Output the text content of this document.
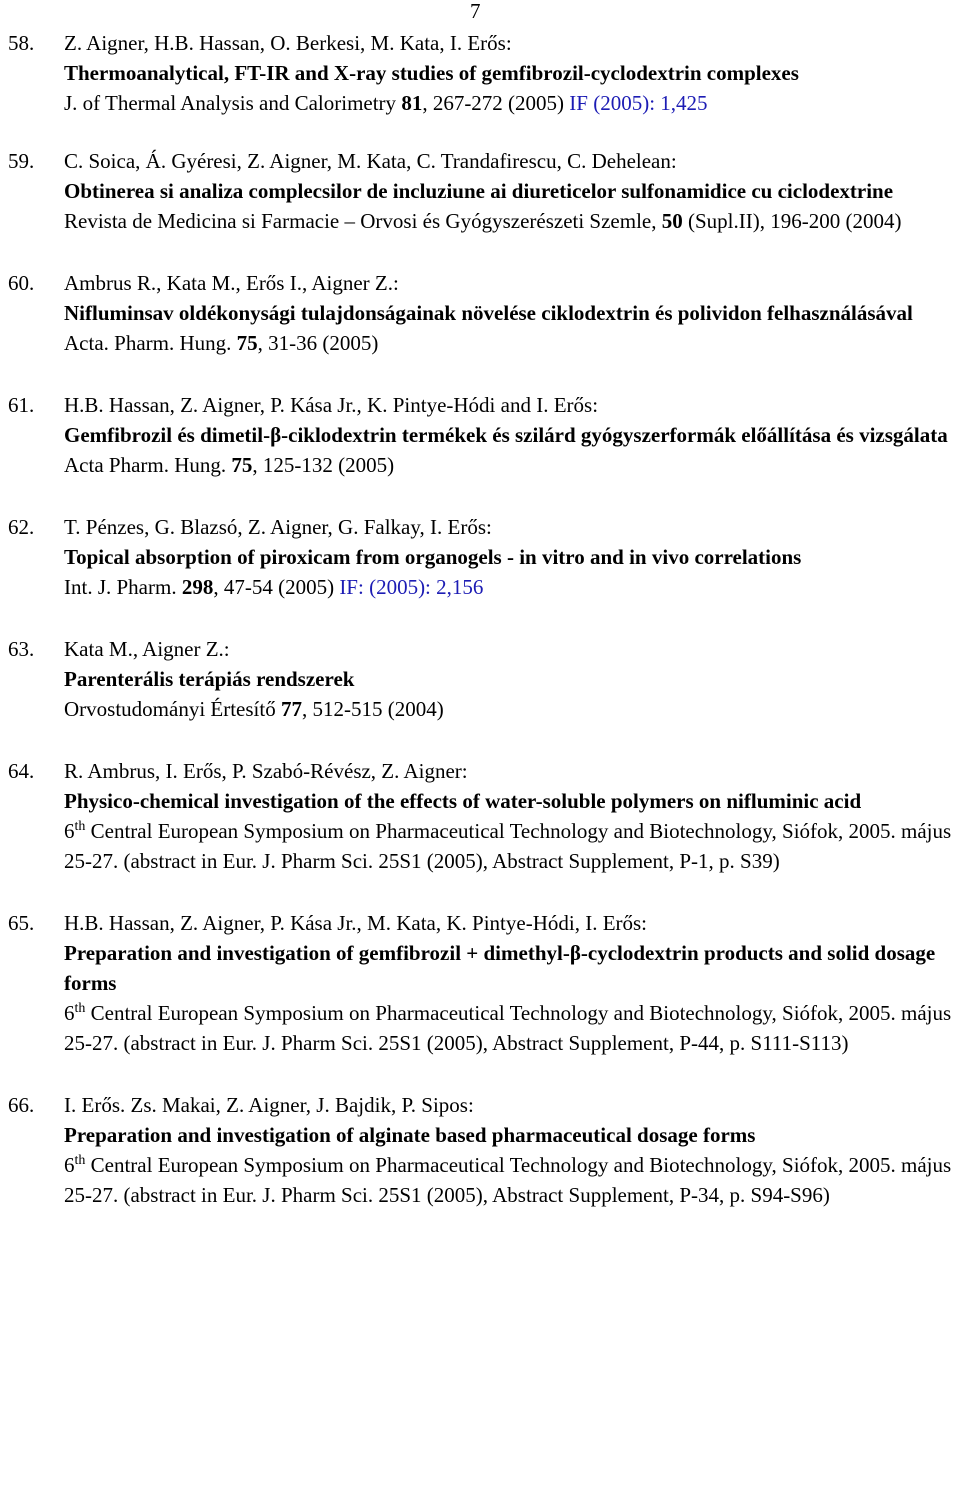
7
58. Z. Aigner, H.B. Hassan, O. Berkesi, M. Kata, I. Erős:
Thermoanalytical, FT-IR and X-ray studies of gemfibrozil-cyclodextrin complexes
J. of Thermal Analysis and Calorimetry 81, 267-272 (2005) IF (2005): 1,425
59. C. Soica, Á. Gyéresi, Z. Aigner, M. Kata, C. Trandafirescu, C. Dehelean:
Obtinerea si analiza complecsilor de incluziune ai diureticelor sulfonamidice cu ciclodextrine
Revista de Medicina si Farmacie – Orvosi és Gyógyszerészeti Szemle, 50 (Supl.II), 196-200 (2004)
60. Ambrus R., Kata M., Erős I., Aigner Z.:
Nifluminsav oldékonysági tulajdonságainak növelése ciklodextrin és polividon felhasználásával
Acta. Pharm. Hung. 75, 31-36 (2005)
61. H.B. Hassan, Z. Aigner, P. Kása Jr., K. Pintye-Hódi and I. Erős:
Gemfibrozil és dimetil-β-ciklodextrin termékek és szilárd gyógyszerformák előállítása és vizsgálata
Acta Pharm. Hung. 75, 125-132 (2005)
62. T. Pénzes, G. Blazsó, Z. Aigner, G. Falkay, I. Erős:
Topical absorption of piroxicam from organogels - in vitro and in vivo correlations
Int. J. Pharm. 298, 47-54 (2005) IF: (2005): 2,156
63. Kata M., Aigner Z.:
Parenterális terápiás rendszerek
Orvostudományi Értesítő 77, 512-515 (2004)
64. R. Ambrus, I. Erős, P. Szabó-Révész, Z. Aigner:
Physico-chemical investigation of the effects of water-soluble polymers on nifluminic acid
6th Central European Symposium on Pharmaceutical Technology and Biotechnology, Siófok, 2005. május 25-27. (abstract in Eur. J. Pharm Sci. 25S1 (2005), Abstract Supplement, P-1, p. S39)
65. H.B. Hassan, Z. Aigner, P. Kása Jr., M. Kata, K. Pintye-Hódi, I. Erős:
Preparation and investigation of gemfibrozil + dimethyl-β-cyclodextrin products and solid dosage forms
6th Central European Symposium on Pharmaceutical Technology and Biotechnology, Siófok, 2005. május 25-27. (abstract in Eur. J. Pharm Sci. 25S1 (2005), Abstract Supplement, P-44, p. S111-S113)
66. I. Erős. Zs. Makai, Z. Aigner, J. Bajdik, P. Sipos:
Preparation and investigation of alginate based pharmaceutical dosage forms
6th Central European Symposium on Pharmaceutical Technology and Biotechnology, Siófok, 2005. május 25-27. (abstract in Eur. J. Pharm Sci. 25S1 (2005), Abstract Supplement, P-34, p. S94-S96)
